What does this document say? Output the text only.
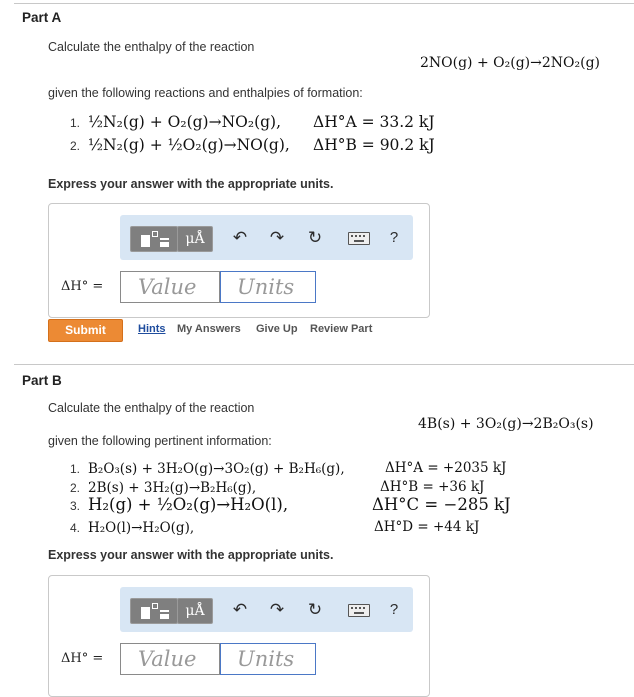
Part A
Calculate the enthalpy of the reaction
2NO(g) + O₂(g)→2NO₂(g)
given the following reactions and enthalpies of formation:
1. ½N₂(g) + O₂(g)→NO₂(g), ΔH°A = 33.2 kJ
2. ½N₂(g) + ½O₂(g)→NO(g), ΔH°B = 90.2 kJ
Express your answer with the appropriate units.
μÅ	↶ ↷ ↻	?
ΔH° =	Value	Units
Submit	Hints My Answers Give Up Review Part
Part B
Calculate the enthalpy of the reaction
4B(s) + 3O₂(g)→2B₂O₃(s)
given the following pertinent information:
1. B₂O₃(s) + 3H₂O(g)→3O₂(g) + B₂H₆(g),	ΔH°A = +2035 kJ
2. 2B(s) + 3H₂(g)→B₂H₆(g),	ΔH°B = +36 kJ
3. H₂(g) + ½O₂(g)→H₂O(l),	ΔH°C = −285 kJ
4. H₂O(l)→H₂O(g),	ΔH°D = +44 kJ
Express your answer with the appropriate units.
μÅ	↶ ↷ ↻	?
ΔH° =	Value	Units
